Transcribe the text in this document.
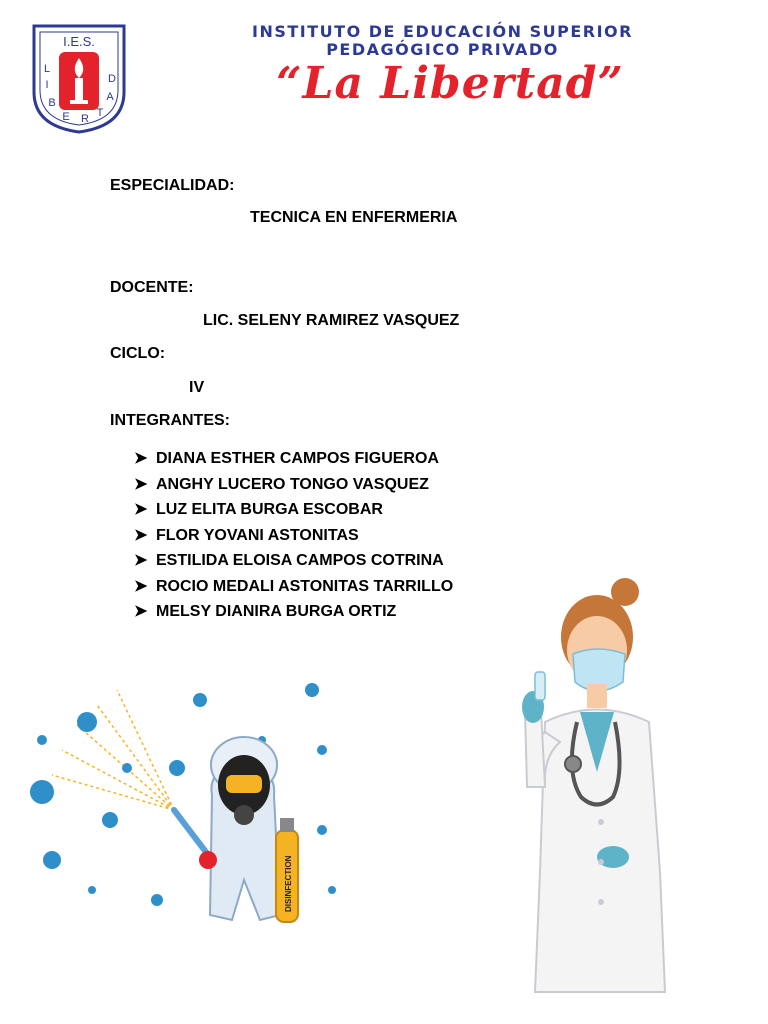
I.E.S.
L
I
B
E R T
A
D
INSTITUTO DE EDUCACIÓN SUPERIOR
PEDAGÓGICO PRIVADO
“La Libertad”
ESPECIALIDAD:
TECNICA EN ENFERMERIA
DOCENTE:
LIC. SELENY RAMIREZ VASQUEZ
CICLO:
IV
INTEGRANTES:
➤ DIANA ESTHER CAMPOS FIGUEROA
➤ ANGHY LUCERO TONGO VASQUEZ
➤ LUZ ELITA BURGA ESCOBAR
➤ FLOR YOVANI ASTONITAS
➤ ESTILIDA ELOISA CAMPOS COTRINA
➤ ROCIO MEDALI ASTONITAS TARRILLO
➤ MELSY DIANIRA BURGA ORTIZ
DISINFECTION
